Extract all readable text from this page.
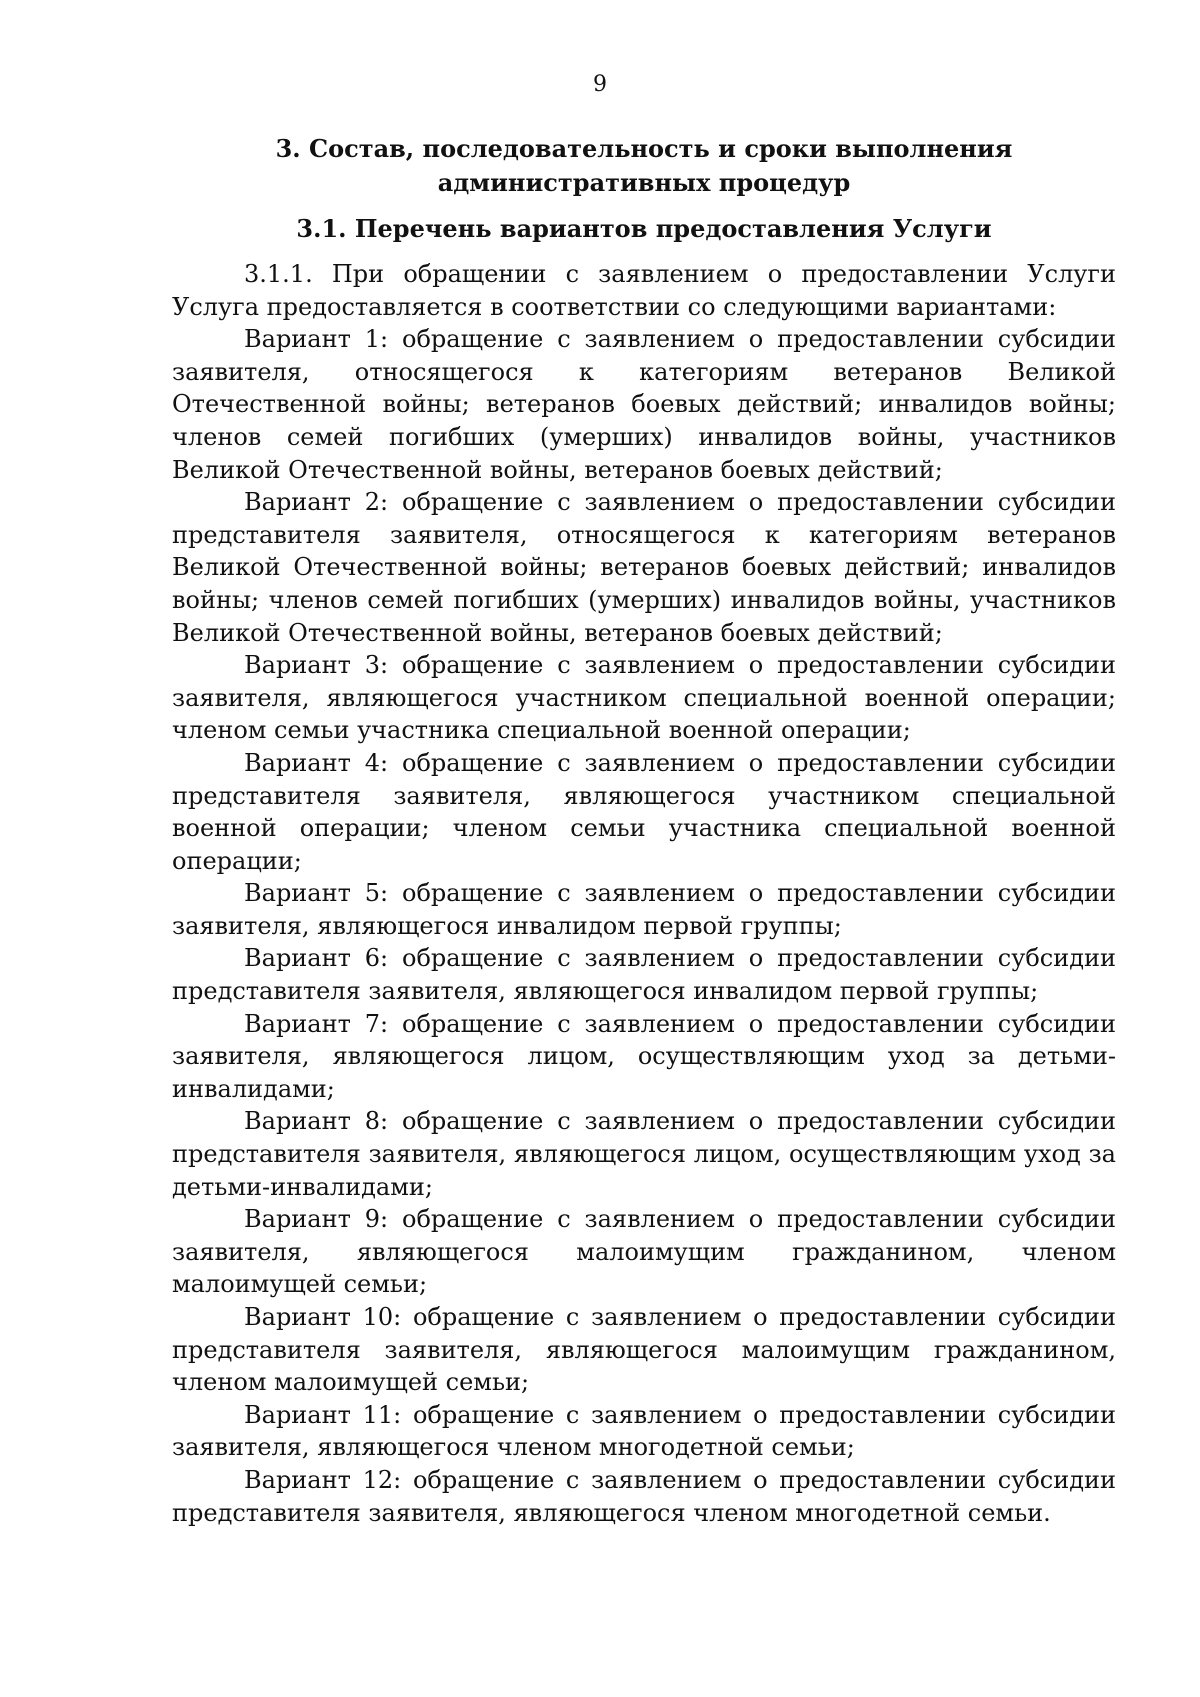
9
3. Состав, последовательность и сроки выполнения административных процедур
3.1. Перечень вариантов предоставления Услуги

3.1.1. При обращении с заявлением о предоставлении Услуги Услуга предоставляется в соответствии со следующими вариантами:

Вариант 1: обращение с заявлением о предоставлении субсидии заявителя, относящегося к категориям ветеранов Великой Отечественной войны; ветеранов боевых действий; инвалидов войны; членов семей погибших (умерших) инвалидов войны, участников Великой Отечественной войны, ветеранов боевых действий;

Вариант 2: обращение с заявлением о предоставлении субсидии представителя заявителя, относящегося к категориям ветеранов Великой Отечественной войны; ветеранов боевых действий; инвалидов войны; членов семей погибших (умерших) инвалидов войны, участников Великой Отечественной войны, ветеранов боевых действий;

Вариант 3: обращение с заявлением о предоставлении субсидии заявителя, являющегося участником специальной военной операции; членом семьи участника специальной военной операции;

Вариант 4: обращение с заявлением о предоставлении субсидии представителя заявителя, являющегося участником специальной военной операции; членом семьи участника специальной военной операции;

Вариант 5: обращение с заявлением о предоставлении субсидии заявителя, являющегося инвалидом первой группы;

Вариант 6: обращение с заявлением о предоставлении субсидии представителя заявителя, являющегося инвалидом первой группы;

Вариант 7: обращение с заявлением о предоставлении субсидии заявителя, являющегося лицом, осуществляющим уход за детьми-инвалидами;

Вариант 8: обращение с заявлением о предоставлении субсидии представителя заявителя, являющегося лицом, осуществляющим уход за детьми-инвалидами;

Вариант 9: обращение с заявлением о предоставлении субсидии заявителя, являющегося малоимущим гражданином, членом малоимущей семьи;

Вариант 10: обращение с заявлением о предоставлении субсидии представителя заявителя, являющегося малоимущим гражданином, членом малоимущей семьи;

Вариант 11: обращение с заявлением о предоставлении субсидии заявителя, являющегося членом многодетной семьи;

Вариант 12: обращение с заявлением о предоставлении субсидии представителя заявителя, являющегося членом многодетной семьи.
